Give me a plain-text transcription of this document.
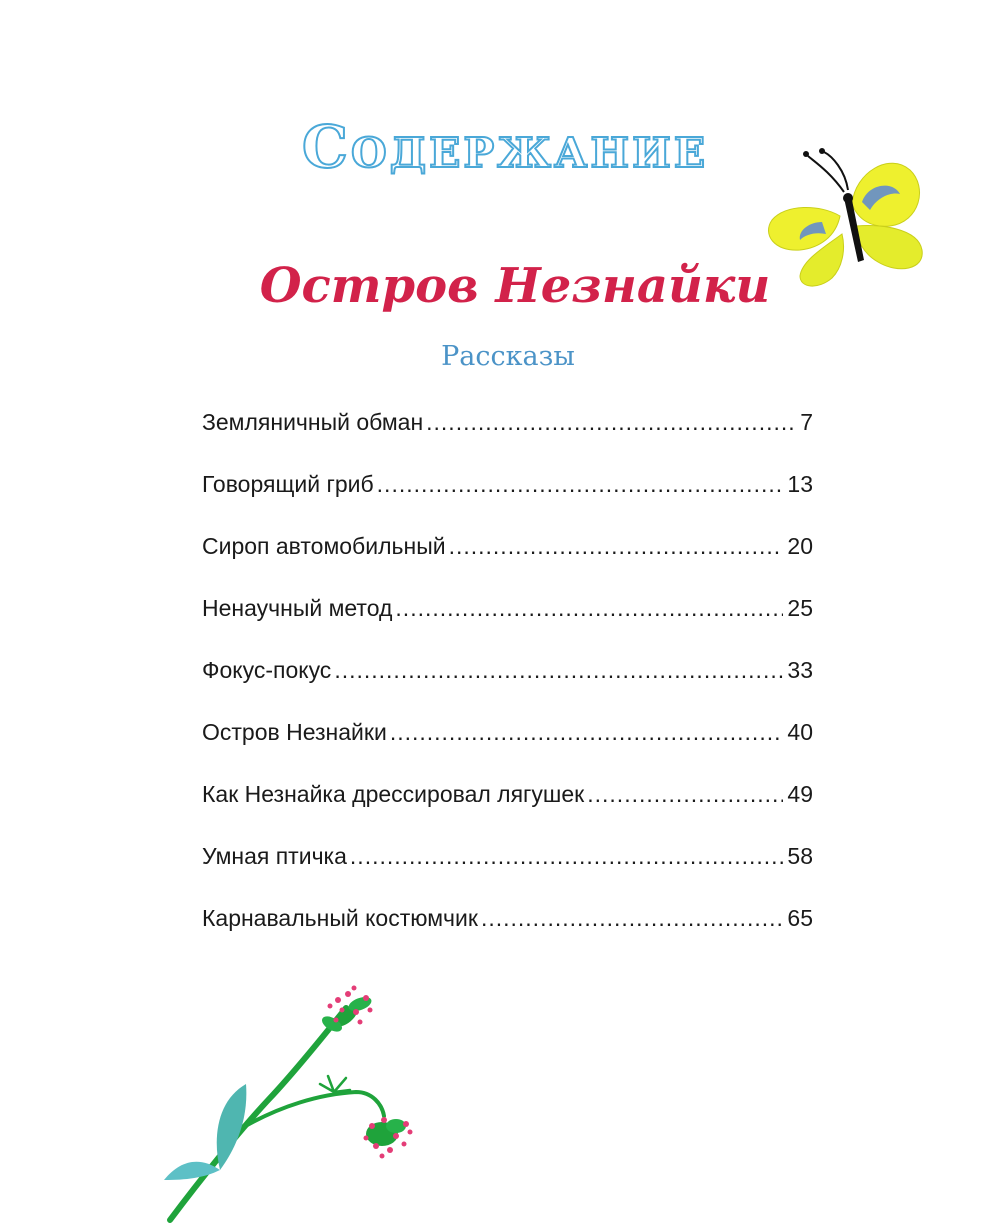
Содержание
Остров Незнайки
Рассказы
Земляничный обман .....	7
Говорящий гриб .....	13
Сироп автомобильный .....	20
Ненаучный метод .....	25
Фокус-покус .....	33
Остров Незнайки .....	40
Как Незнайка дрессировал лягушек .....	49
Умная птичка .....	58
Карнавальный костюмчик .....	65
